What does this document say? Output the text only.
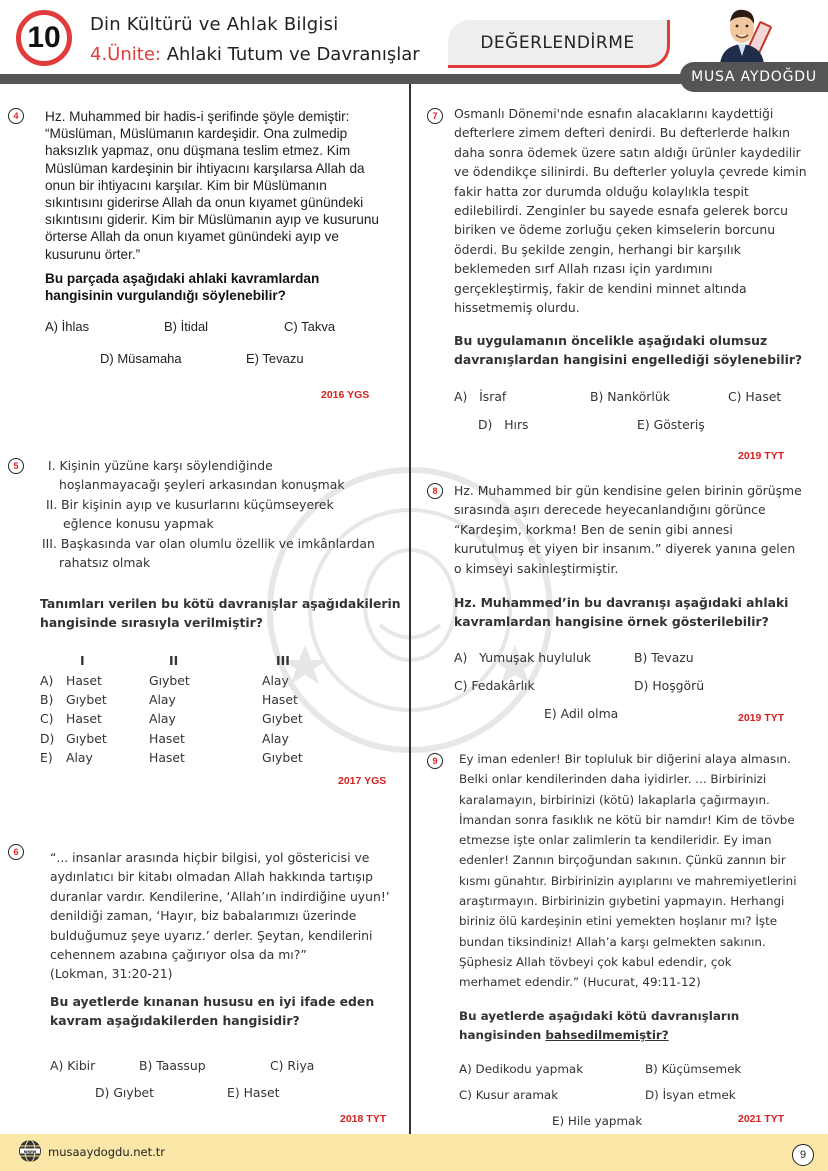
10 Din Kültürü ve Ahlak Bilgisi
4.Ünite: Ahlaki Tutum ve Davranışlar
DEĞERLENDİRME
MUSA AYDOĞDU
4 Hz. Muhammed bir hadis-i şerifinde şöyle demiştir:
“Müslüman, Müslümanın kardeşidir. Ona zulmedip
haksızlık yapmaz, onu düşmana teslim etmez. Kim
Müslüman kardeşinin bir ihtiyacını karşılarsa Allah da
onun bir ihtiyacını karşılar. Kim bir Müslümanın
sıkıntısını giderirse Allah da onun kıyamet günündeki
sıkıntısını giderir. Kim bir Müslümanın ayıp ve kusurunu
örterse Allah da onun kıyamet günündeki ayıp ve
kusurunu örter.”
Bu parçada aşağıdaki ahlaki kavramlardan
hangisinin vurgulandığı söylenebilir?
A) İhlas	B) İtidal	C) Takva
D) Müsamaha	E) Tevazu
2016 YGS
5 I. Kişinin yüzüne karşı söylendiğinde
hoşlanmayacağı şeyleri arkasından konuşmak
II. Bir kişinin ayıp ve kusurlarını küçümseyerek
eğlence konusu yapmak
III. Başkasında var olan olumlu özellik ve imkânlardan
rahatsız olmak
Tanımları verilen bu kötü davranışlar aşağıdakilerin
hangisinde sırasıyla verilmiştir?
	I	II	III
A)	Haset	Gıybet	Alay
B)	Gıybet	Alay	Haset
C)	Haset	Alay	Gıybet
D)	Gıybet	Haset	Alay
E)	Alay	Haset	Gıybet
2017 YGS
6	“... insanlar arasında hiçbir bilgisi, yol göstericisi ve
aydınlatıcı bir kitabı olmadan Allah hakkında tartışıp
duranlar vardır. Kendilerine, ‘Allah’ın indirdiğine uyun!’
denildiği zaman, ‘Hayır, biz babalarımızı üzerinde
bulduğumuz şeye uyarız.’ derler. Şeytan, kendilerini
cehennem azabına çağırıyor olsa da mı?”
(Lokman, 31:20-21)
Bu ayetlerde kınanan hususu en iyi ifade eden
kavram aşağıdakilerden hangisidir?
A) Kibir	B) Taassup	C) Riya
D) Gıybet	E) Haset
2018 TYT
7 Osmanlı Dönemi'nde esnafın alacaklarını kaydettiği
defterlere zimem defteri denirdi. Bu defterlerde halkın
daha sonra ödemek üzere satın aldığı ürünler kaydedilir
ve ödendikçe silinirdi. Bu defterler yoluyla çevrede kimin
fakir hatta zor durumda olduğu kolaylıkla tespit
edilebilirdi. Zenginler bu sayede esnafa gelerek borcu
biriken ve ödeme zorluğu çeken kimselerin borcunu
öderdi. Bu şekilde zengin, herhangi bir karşılık
beklemeden sırf Allah rızası için yardımını
gerçekleştirmiş, fakir de kendini minnet altında
hissetmemiş olurdu.
Bu uygulamanın öncelikle aşağıdaki olumsuz
davranışlardan hangisini engellediği söylenebilir?
A)   İsraf	B) Nankörlük	C) Haset
D)   Hırs	E) Gösteriş
2019 TYT
8 Hz. Muhammed bir gün kendisine gelen birinin görüşme
sırasında aşırı derecede heyecanlandığını görünce
“Kardeşim, korkma! Ben de senin gibi annesi
kurutulmuş et yiyen bir insanım.” diyerek yanına gelen
o kimseyi sakinleştirmiştir.
Hz. Muhammed’in bu davranışı aşağıdaki ahlaki
kavramlardan hangisine örnek gösterilebilir?
A)   Yumuşak huyluluk	B) Tevazu
C) Fedakârlık	D) Hoşgörü
E) Adil olma	2019 TYT
9 Ey iman edenler! Bir topluluk bir diğerini alaya almasın.
Belki onlar kendilerinden daha iyidirler. ... Birbirinizi
karalamayın, birbirinizi (kötü) lakaplarla çağırmayın.
İmandan sonra fasıklık ne kötü bir namdır! Kim de tövbe
etmezse işte onlar zalimlerin ta kendileridir. Ey iman
edenler! Zannın birçoğundan sakının. Çünkü zannın bir
kısmı günahtır. Birbirinizin ayıplarını ve mahremiyetlerini
araştırmayın. Birbirinizin gıybetini yapmayın. Herhangi
biriniz ölü kardeşinin etini yemekten hoşlanır mı? İşte
bundan tiksindiniz! Allah’a karşı gelmekten sakının.
Şüphesiz Allah tövbeyi çok kabul edendir, çok
merhamet edendir.” (Hucurat, 49:11-12)
Bu ayetlerde aşağıdaki kötü davranışların
hangisinden bahsedilmemiştir?
A) Dedikodu yapmak	B) Küçümsemek
C) Kusur aramak	D) İsyan etmek
E) Hile yapmak	2021 TYT
www musaaydogdu.net.tr	9
